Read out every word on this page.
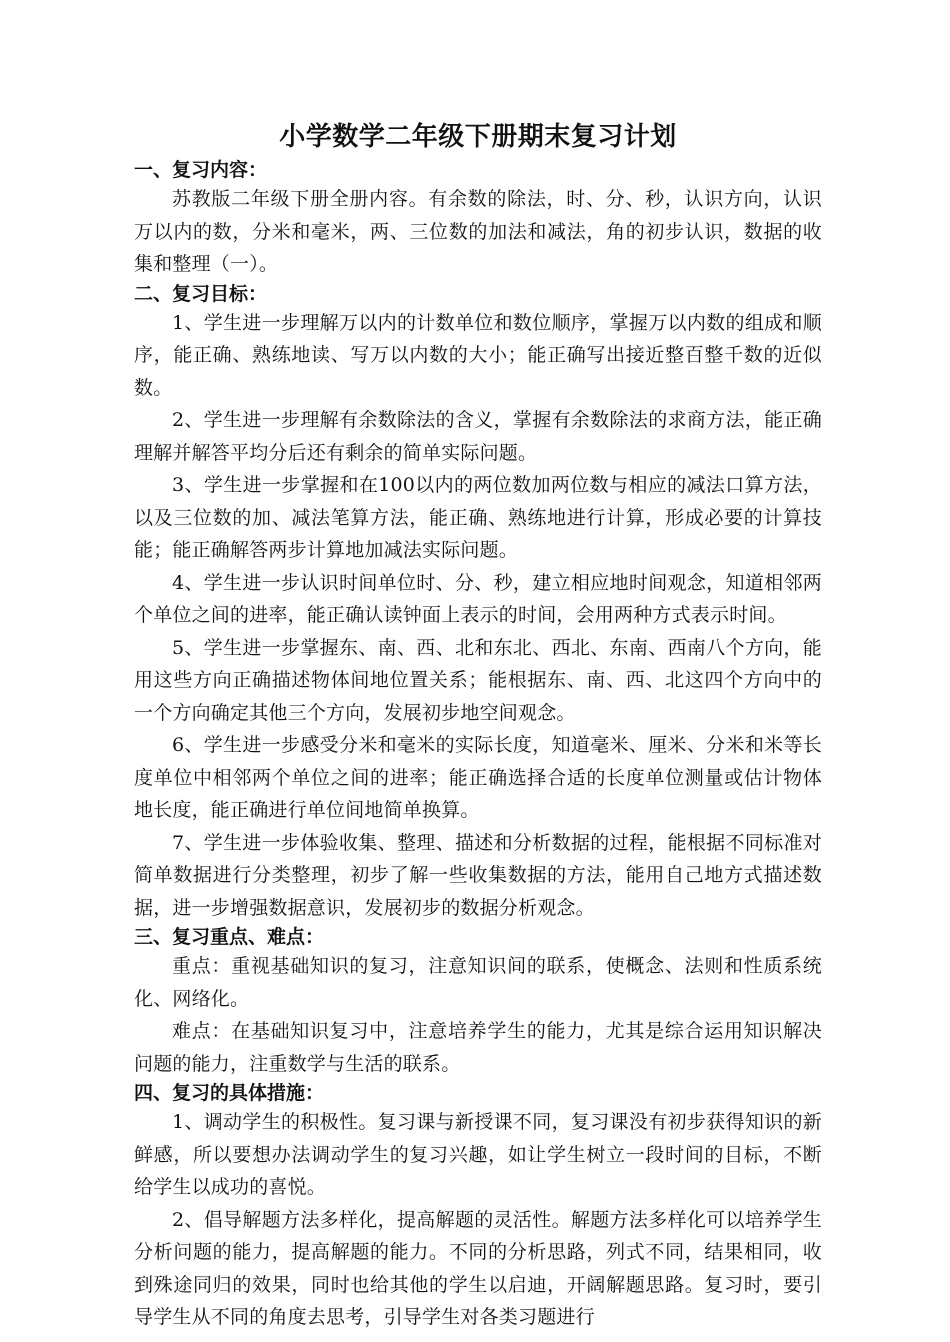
小学数学二年级下册期末复习计划
一、复习内容：

苏教版二年级下册全册内容。有余数的除法，时、分、秒，认识方向，认识万以内的数，分米和毫米，两、三位数的加法和减法，角的初步认识，数据的收集和整理（一）。

二、复习目标：

1、学生进一步理解万以内的计数单位和数位顺序，掌握万以内数的组成和顺序，能正确、熟练地读、写万以内数的大小；能正确写出接近整百整千数的近似数。

2、学生进一步理解有余数除法的含义，掌握有余数除法的求商方法，能正确理解并解答平均分后还有剩余的简单实际问题。

3、学生进一步掌握和在100以内的两位数加两位数与相应的减法口算方法，以及三位数的加、减法笔算方法，能正确、熟练地进行计算，形成必要的计算技能；能正确解答两步计算地加减法实际问题。

4、学生进一步认识时间单位时、分、秒，建立相应地时间观念，知道相邻两个单位之间的进率，能正确认读钟面上表示的时间，会用两种方式表示时间。

5、学生进一步掌握东、南、西、北和东北、西北、东南、西南八个方向，能用这些方向正确描述物体间地位置关系；能根据东、南、西、北这四个方向中的一个方向确定其他三个方向，发展初步地空间观念。

6、学生进一步感受分米和毫米的实际长度，知道毫米、厘米、分米和米等长度单位中相邻两个单位之间的进率；能正确选择合适的长度单位测量或估计物体地长度，能正确进行单位间地简单换算。

7、学生进一步体验收集、整理、描述和分析数据的过程，能根据不同标准对简单数据进行分类整理，初步了解一些收集数据的方法，能用自己地方式描述数据，进一步增强数据意识，发展初步的数据分析观念。

三、复习重点、难点：

重点：重视基础知识的复习，注意知识间的联系，使概念、法则和性质系统化、网络化。

难点：在基础知识复习中，注意培养学生的能力，尤其是综合运用知识解决问题的能力，注重数学与生活的联系。

四、复习的具体措施：

1、调动学生的积极性。复习课与新授课不同，复习课没有初步获得知识的新鲜感，所以要想办法调动学生的复习兴趣，如让学生树立一段时间的目标，不断给学生以成功的喜悦。

2、倡导解题方法多样化，提高解题的灵活性。解题方法多样化可以培养学生分析问题的能力，提高解题的能力。不同的分析思路，列式不同，结果相同，收到殊途同归的效果，同时也给其他的学生以启迪，开阔解题思路。复习时，要引导学生从不同的角度去思考，引导学生对各类习题进行
